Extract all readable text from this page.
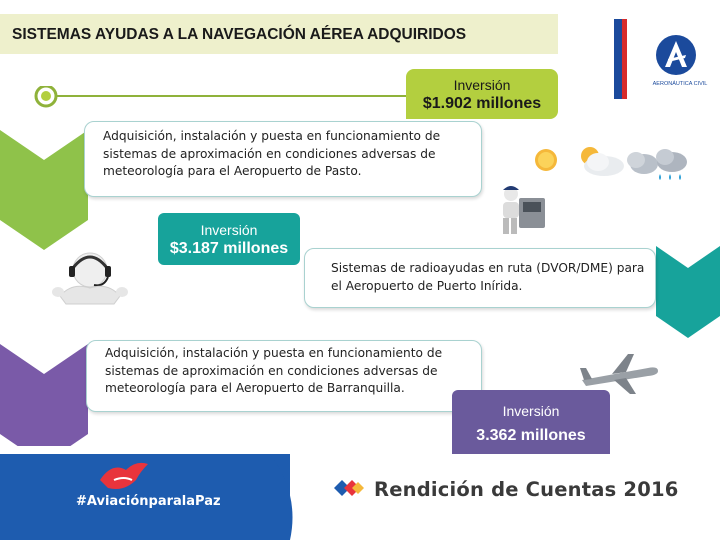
SISTEMAS AYUDAS A LA NAVEGACIÓN AÉREA ADQUIRIDOS
AERONÁUTICA CIVIL
Adquisición, instalación y puesta en funcionamiento de sistemas de aproximación en condiciones adversas de meteorología para el Aeropuerto de Pasto.
Inversión
$1.902 millones
Sistemas de radioayudas en ruta (DVOR/DME) para el Aeropuerto de Puerto Inírida.
Inversión
$3.187 millones
Adquisición, instalación y puesta en funcionamiento de sistemas de aproximación en condiciones adversas de meteorología para el Aeropuerto de Barranquilla.
Inversión
3.362 millones
#AviaciónparalaPaz
Rendición de Cuentas 2016
